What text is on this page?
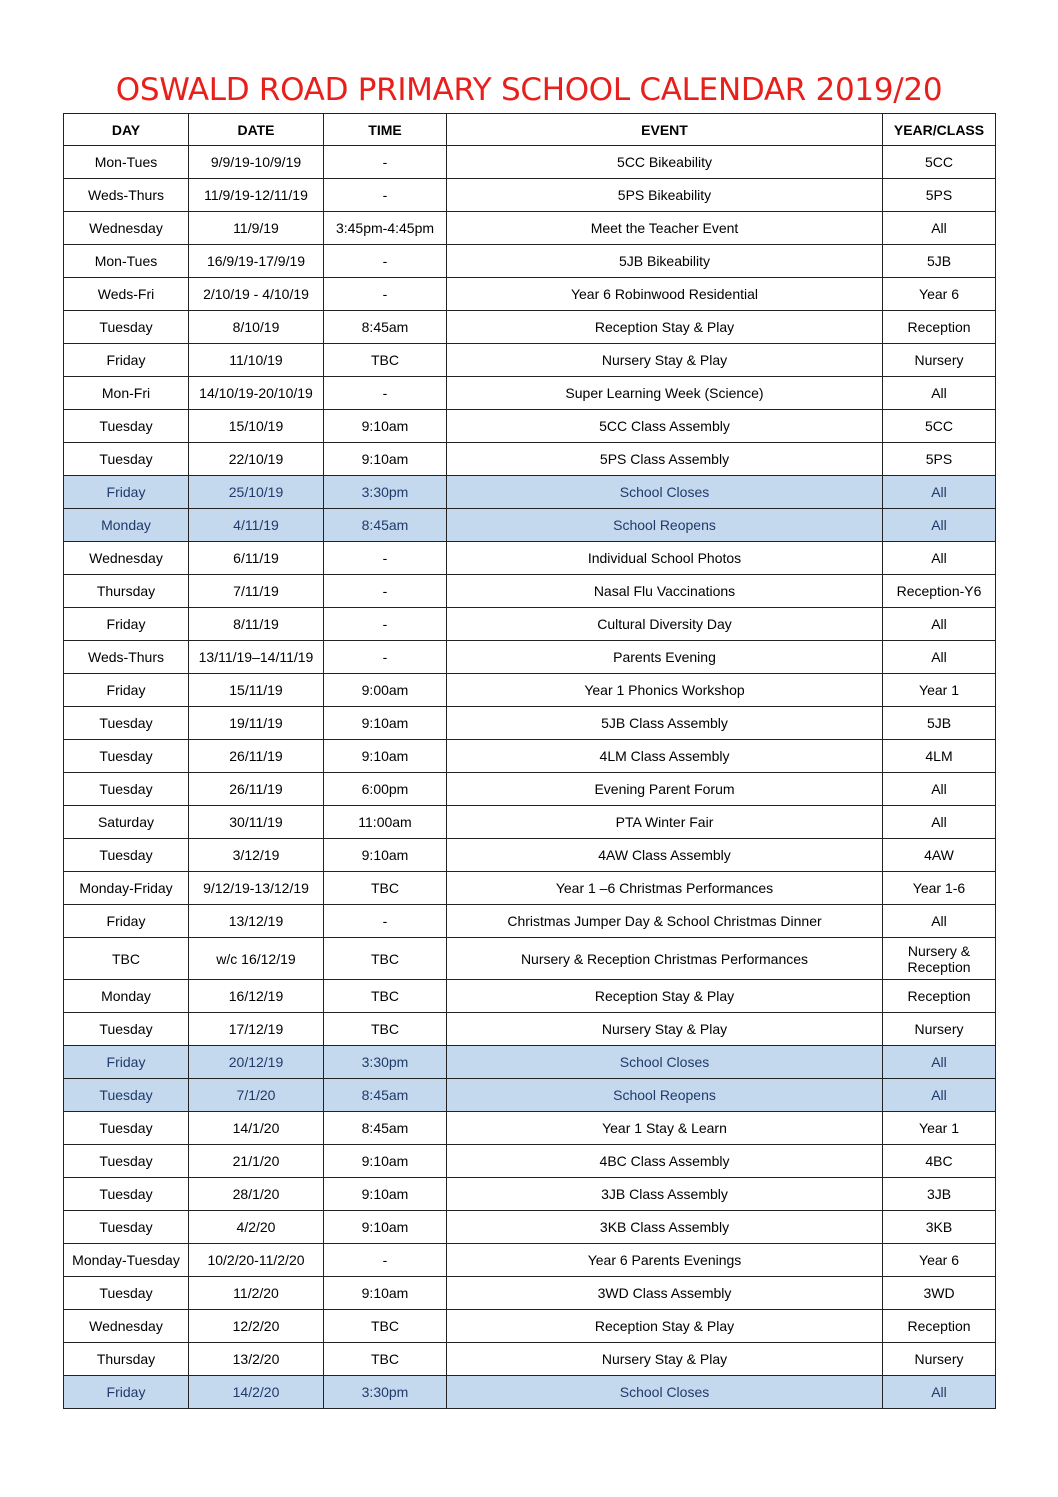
OSWALD ROAD PRIMARY SCHOOL CALENDAR 2019/20
DAY	DATE	TIME	EVENT	YEAR/CLASS
Mon-Tues	9/9/19-10/9/19	-	5CC Bikeability	5CC
Weds-Thurs	11/9/19-12/11/19	-	5PS Bikeability	5PS
Wednesday	11/9/19	3:45pm-4:45pm	Meet the Teacher Event	All
Mon-Tues	16/9/19-17/9/19	-	5JB Bikeability	5JB
Weds-Fri	2/10/19 - 4/10/19	-	Year 6 Robinwood Residential	Year 6
Tuesday	8/10/19	8:45am	Reception Stay & Play	Reception
Friday	11/10/19	TBC	Nursery Stay & Play	Nursery
Mon-Fri	14/10/19-20/10/19	-	Super Learning Week (Science)	All
Tuesday	15/10/19	9:10am	5CC Class Assembly	5CC
Tuesday	22/10/19	9:10am	5PS Class Assembly	5PS
Friday	25/10/19	3:30pm	School Closes	All
Monday	4/11/19	8:45am	School Reopens	All
Wednesday	6/11/19	-	Individual School Photos	All
Thursday	7/11/19	-	Nasal Flu Vaccinations	Reception-Y6
Friday	8/11/19	-	Cultural Diversity Day	All
Weds-Thurs	13/11/19–14/11/19	-	Parents Evening	All
Friday	15/11/19	9:00am	Year 1 Phonics Workshop	Year 1
Tuesday	19/11/19	9:10am	5JB Class Assembly	5JB
Tuesday	26/11/19	9:10am	4LM Class Assembly	4LM
Tuesday	26/11/19	6:00pm	Evening Parent Forum	All
Saturday	30/11/19	11:00am	PTA Winter Fair	All
Tuesday	3/12/19	9:10am	4AW Class Assembly	4AW
Monday-Friday	9/12/19-13/12/19	TBC	Year 1 –6 Christmas Performances	Year 1-6
Friday	13/12/19	-	Christmas Jumper Day & School Christmas Dinner	All
TBC	w/c 16/12/19	TBC	Nursery & Reception Christmas Performances	Nursery & Reception
Monday	16/12/19	TBC	Reception Stay & Play	Reception
Tuesday	17/12/19	TBC	Nursery Stay & Play	Nursery
Friday	20/12/19	3:30pm	School Closes	All
Tuesday	7/1/20	8:45am	School Reopens	All
Tuesday	14/1/20	8:45am	Year 1 Stay & Learn	Year 1
Tuesday	21/1/20	9:10am	4BC Class Assembly	4BC
Tuesday	28/1/20	9:10am	3JB Class Assembly	3JB
Tuesday	4/2/20	9:10am	3KB Class Assembly	3KB
Monday-Tuesday	10/2/20-11/2/20	-	Year 6 Parents Evenings	Year 6
Tuesday	11/2/20	9:10am	3WD Class Assembly	3WD
Wednesday	12/2/20	TBC	Reception Stay & Play	Reception
Thursday	13/2/20	TBC	Nursery Stay & Play	Nursery
Friday	14/2/20	3:30pm	School Closes	All
